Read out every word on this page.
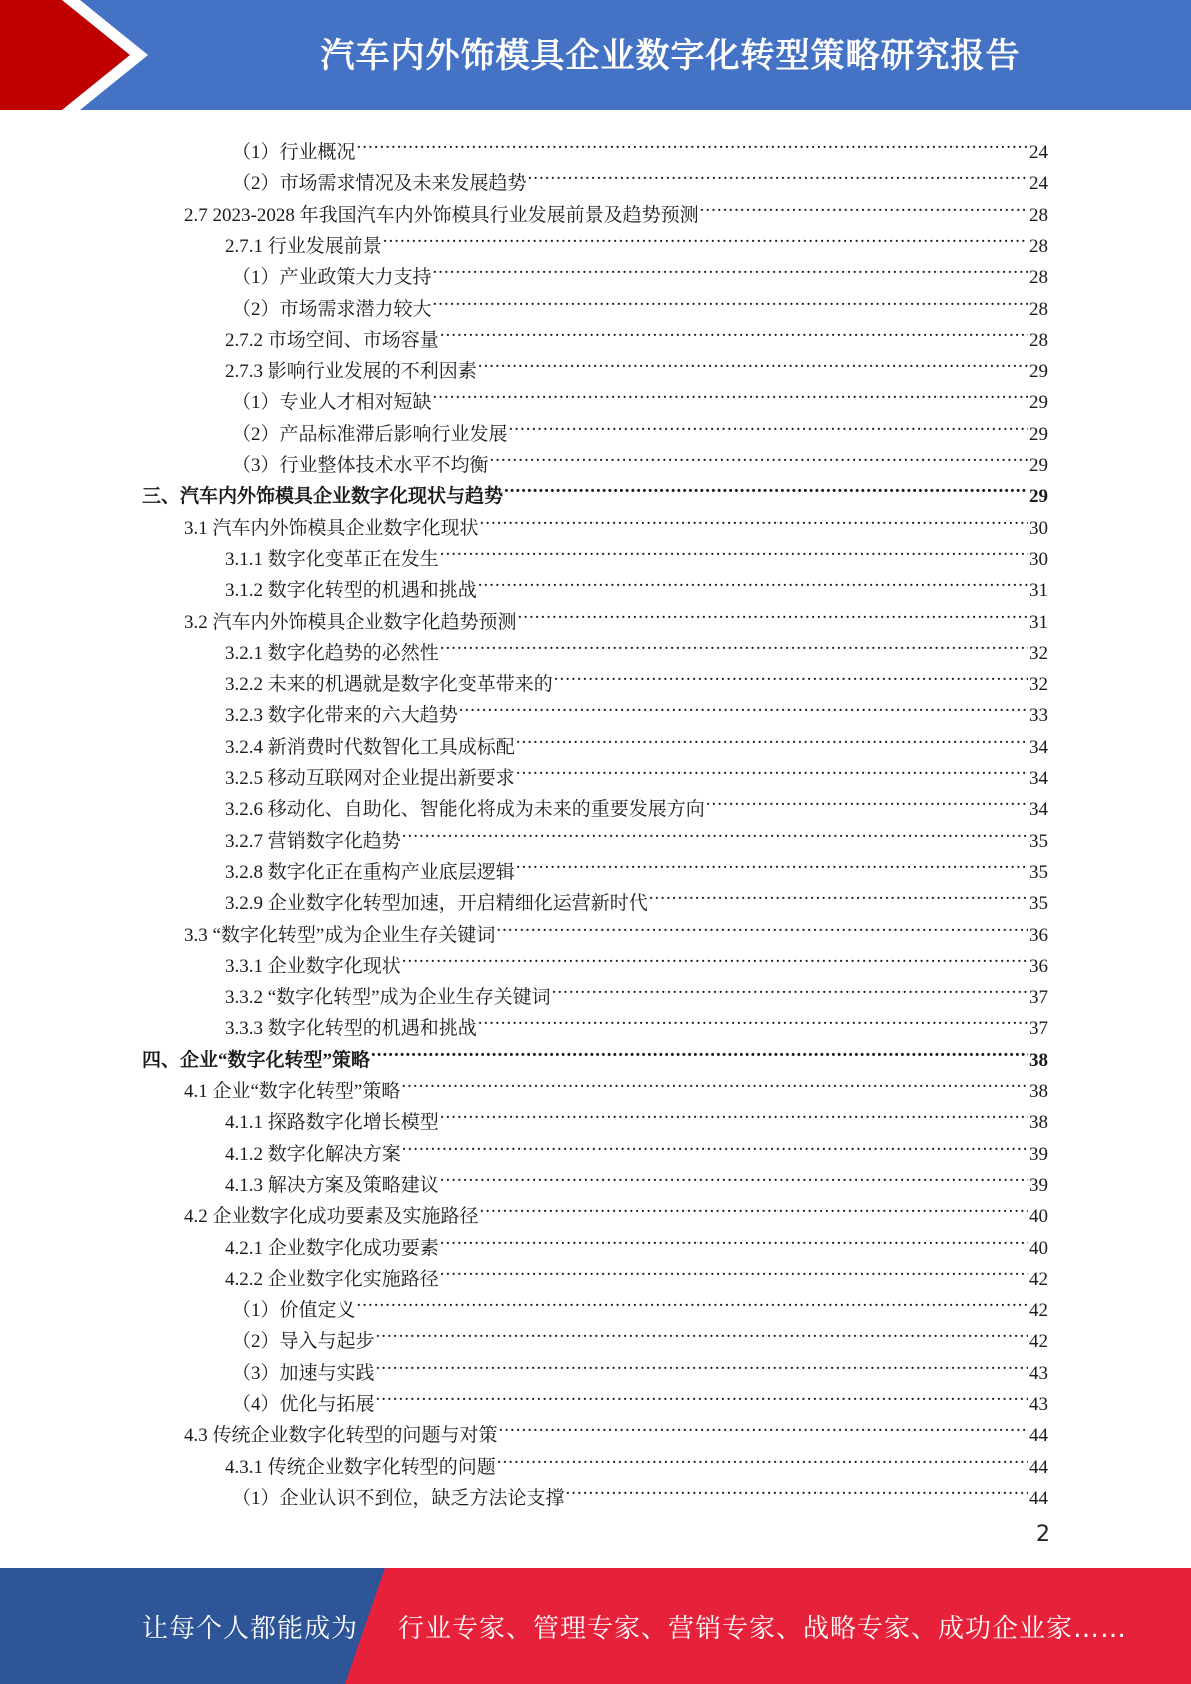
汽车内外饰模具企业数字化转型策略研究报告
（1）行业概况 .....	24
（2）市场需求情况及未来发展趋势 .....	24
2.7 2023-2028 年我国汽车内外饰模具行业发展前景及趋势预测 .....	28
2.7.1 行业发展前景 .....	28
（1）产业政策大力支持 .....	28
（2）市场需求潜力较大 .....	28
2.7.2 市场空间、市场容量 .....	28
2.7.3 影响行业发展的不利因素 .....	29
（1）专业人才相对短缺 .....	29
（2）产品标准滞后影响行业发展 .....	29
（3）行业整体技术水平不均衡 .....	29
三、汽车内外饰模具企业数字化现状与趋势 .....	29
3.1 汽车内外饰模具企业数字化现状 .....	30
3.1.1 数字化变革正在发生 .....	30
3.1.2 数字化转型的机遇和挑战 .....	31
3.2 汽车内外饰模具企业数字化趋势预测 .....	31
3.2.1 数字化趋势的必然性 .....	32
3.2.2 未来的机遇就是数字化变革带来的 .....	32
3.2.3 数字化带来的六大趋势 .....	33
3.2.4 新消费时代数智化工具成标配 .....	34
3.2.5 移动互联网对企业提出新要求 .....	34
3.2.6 移动化、自助化、智能化将成为未来的重要发展方向 .....	34
3.2.7 营销数字化趋势 .....	35
3.2.8 数字化正在重构产业底层逻辑 .....	35
3.2.9 企业数字化转型加速，开启精细化运营新时代 .....	35
3.3 “数字化转型”成为企业生存关键词 .....	36
3.3.1 企业数字化现状 .....	36
3.3.2 “数字化转型”成为企业生存关键词 .....	37
3.3.3 数字化转型的机遇和挑战 .....	37
四、企业“数字化转型”策略 .....	38
4.1 企业“数字化转型”策略 .....	38
4.1.1 探路数字化增长模型 .....	38
4.1.2 数字化解决方案 .....	39
4.1.3 解决方案及策略建议 .....	39
4.2 企业数字化成功要素及实施路径 .....	40
4.2.1 企业数字化成功要素 .....	40
4.2.2 企业数字化实施路径 .....	42
（1）价值定义 .....	42
（2）导入与起步 .....	42
（3）加速与实践 .....	43
（4）优化与拓展 .....	43
4.3 传统企业数字化转型的问题与对策 .....	44
4.3.1 传统企业数字化转型的问题 .....	44
（1）企业认识不到位，缺乏方法论支撑 .....	44
2
让每个人都能成为 行业专家、管理专家、营销专家、战略专家、成功企业家……
